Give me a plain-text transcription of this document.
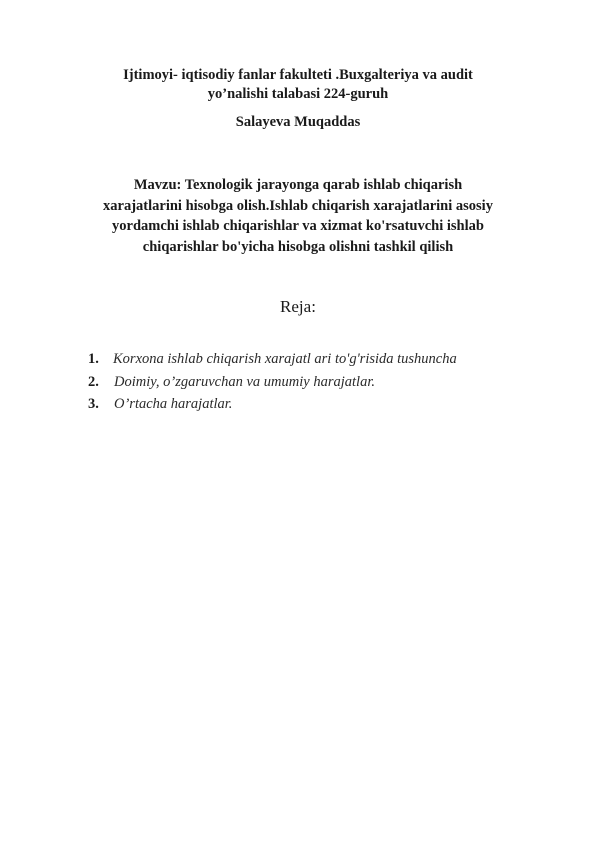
Ijtimoyi- iqtisodiy fanlar fakulteti .Buxgalteriya va audit
yo’nalishi talabasi 224-guruh
Salayeva Muqaddas
Mavzu: Texnologik jarayonga qarab ishlab chiqarish
xarajatlarini hisobga olish.Ishlab chiqarish xarajatlarini asosiy
yordamchi ishlab chiqarishlar va xizmat ko'rsatuvchi ishlab
chiqarishlar bo'yicha hisobga olishni tashkil qilish
Reja:
1. Korxona ishlab chiqarish xarajatl ari to'g'risida tushuncha
2.	Doimiy, o’zgaruvchan va umumiy harajatlar.
3.	O’rtacha harajatlar.
